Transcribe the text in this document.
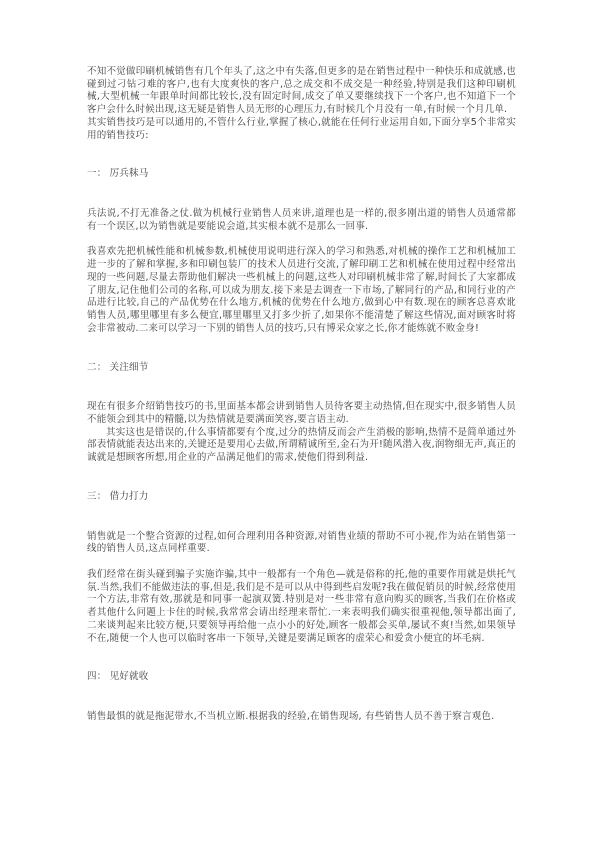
不知不觉做印刷机械销售有几个年头了,这之中有失落,但更多的是在销售过程中一种快乐和成就感,也碰到过刁钻刁难的客户,也有大度爽快的客户,总之成交和不成交是一种经验,特别是我们这种印刷机械,大型机械一年跟单时间都比较长,没有固定时间,成交了单又要继续找下一个客户,也不知道下一个客户会什么时候出现,这无疑是销售人员无形的心理压力,有时候几个月没有一单,有时候一个月几单.

其实销售技巧是可以通用的,不管什么行业,掌握了核心,就能在任何行业运用自如,下面分享5个非常实用的销售技巧:

一： 厉兵秣马

兵法说,不打无准备之仗.做为机械行业销售人员来讲,道理也是一样的,很多刚出道的销售人员通常都有一个误区,以为销售就是要能说会道,其实根本就不是那么一回事.

我喜欢先把机械性能和机械参数,机械使用说明进行深入的学习和熟悉,对机械的操作工艺和机械加工进一步的了解和掌握,多和印刷包装厂的技术人员进行交流,了解印刷工艺和机械在使用过程中经常出现的一些问题,尽量去帮助他们解决一些机械上的问题,这些人对印刷机械非常了解,时间长了大家都成了朋友,记住他们公司的名称,可以成为朋友.接下来是去调查一下市场,了解同行的产品,和同行业的产品进行比较,自己的产品优势在什么地方,机械的优势在什么地方,做到心中有数.现在的顾客总喜欢讹销售人员,哪里哪里有多么便宜,哪里哪里又打多少折了,如果你不能清楚了解这些情况,面对顾客时将会非常被动.二来可以学习一下别的销售人员的技巧,只有博采众家之长,你才能炼就不败金身!

二： 关注细节

现在有很多介绍销售技巧的书,里面基本都会讲到销售人员待客要主动热情,但在现实中,很多销售人员不能领会到其中的精髓,以为热情就是要满面笑容,要言语主动.

其实这也是错误的,什么事情都要有个度,过分的热情反而会产生消极的影响,热情不是简单通过外部表情就能表达出来的,关键还是要用心去做,所谓精诚所至,金石为开!随风潜入夜,润物细无声,真正的诚就是想顾客所想,用企业的产品满足他们的需求,使他们得到利益.

三： 借力打力

销售就是一个整合资源的过程,如何合理利用各种资源,对销售业绩的帮助不可小视,作为站在销售第一线的销售人员,这点同样重要.

我们经常在街头碰到骗子实施诈骗,其中一般都有一个角色—就是俗称的托,他的重要作用就是烘托气氛.当然,我们不能做违法的事,但是,我们是不是可以从中得到些启发呢?我在做促销员的时候,经常使用一个方法,非常有效,那就是和同事一起演双簧.特别是对一些非常有意向购买的顾客,当我们在价格或者其他什么问题上卡住的时候,我常常会请出经理来帮忙.一来表明我们确实很重视他,领导都出面了,二来谈判起来比较方便,只要领导再给他一点小小的好处,顾客一般都会买单,屡试不爽!当然,如果领导不在,随便一个人也可以临时客串一下领导,关键是要满足顾客的虚荣心和爱贪小便宜的坏毛病.

四： 见好就收

销售最惧的就是拖泥带水,不当机立断.根据我的经验,在销售现场, 有些销售人员不善于察言观色.
